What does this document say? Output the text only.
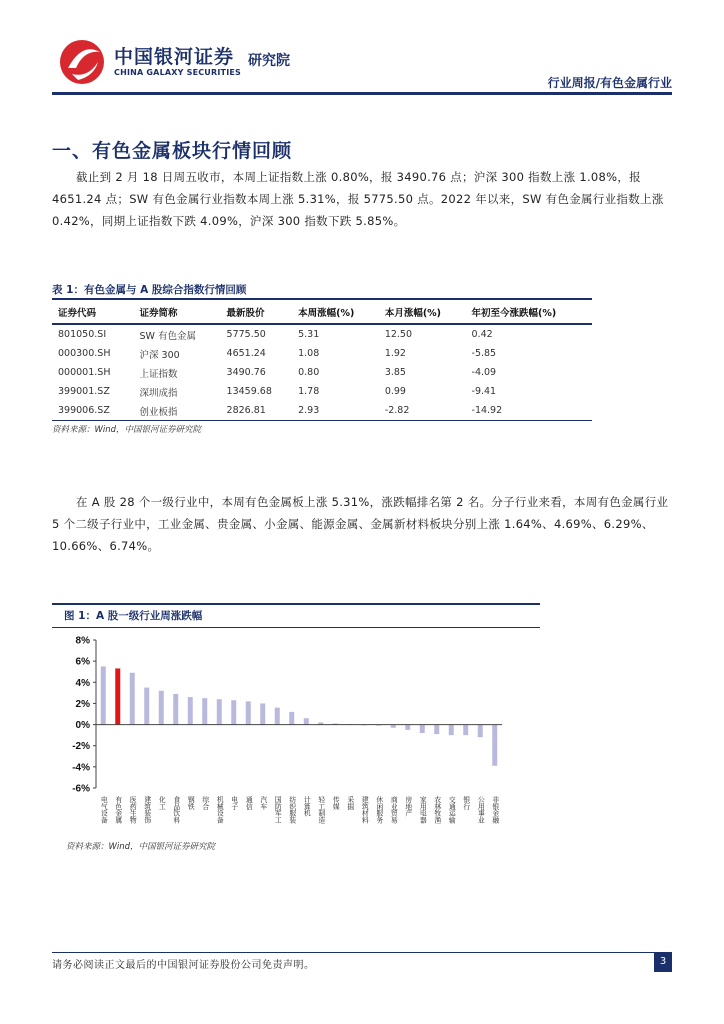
中国银河证券
CHINA GALAXY SECURITIES
研究院
行业周报/有色金属行业
一、有色金属板块行情回顾
截止到 2 月 18 日周五收市，本周上证指数上涨 0.80%，报 3490.76 点；沪深 300 指数上涨 1.08%，报 4651.24 点；SW 有色金属行业指数本周上涨 5.31%，报 5775.50 点。2022 年以来，SW 有色金属行业指数上涨 0.42%，同期上证指数下跌 4.09%，沪深 300 指数下跌 5.85%。
表 1：有色金属与 A 股综合指数行情回顾
证券代码	证券简称	最新股价	本周涨幅(%)	本月涨幅(%)	年初至今涨跌幅(%)
801050.SI	SW 有色金属	5775.50	5.31	12.50	0.42
000300.SH	沪深 300	4651.24	1.08	1.92	-5.85
000001.SH	上证指数	3490.76	0.80	3.85	-4.09
399001.SZ	深圳成指	13459.68	1.78	0.99	-9.41
399006.SZ	创业板指	2826.81	2.93	-2.82	-14.92
资料来源：Wind，中国银河证券研究院
在 A 股 28 个一级行业中，本周有色金属板上涨 5.31%，涨跌幅排名第 2 名。分子行业来看，本周有色金属行业 5 个二级子行业中，工业金属、贵金属、小金属、能源金属、金属新材料板块分别上涨 1.64%、4.69%、6.29%、10.66%、6.74%。
图 1：A 股一级行业周涨跌幅
8%
6%
4%
2%
0%
-2%
-4%
-6%
电气设备 有色金属 医药生物 建筑装饰 化工 食品饮料 钢铁 综合 机械设备 电子 通信 汽车 国防军工 纺织服装 计算机 轻工制造 传媒 采掘 建筑材料 休闲服务 商业贸易 房地产 家用电器 农林牧渔 交通运输 银行 公用事业 非银金融
资料来源：Wind，中国银河证券研究院
请务必阅读正文最后的中国银河证券股份公司免责声明。	3
